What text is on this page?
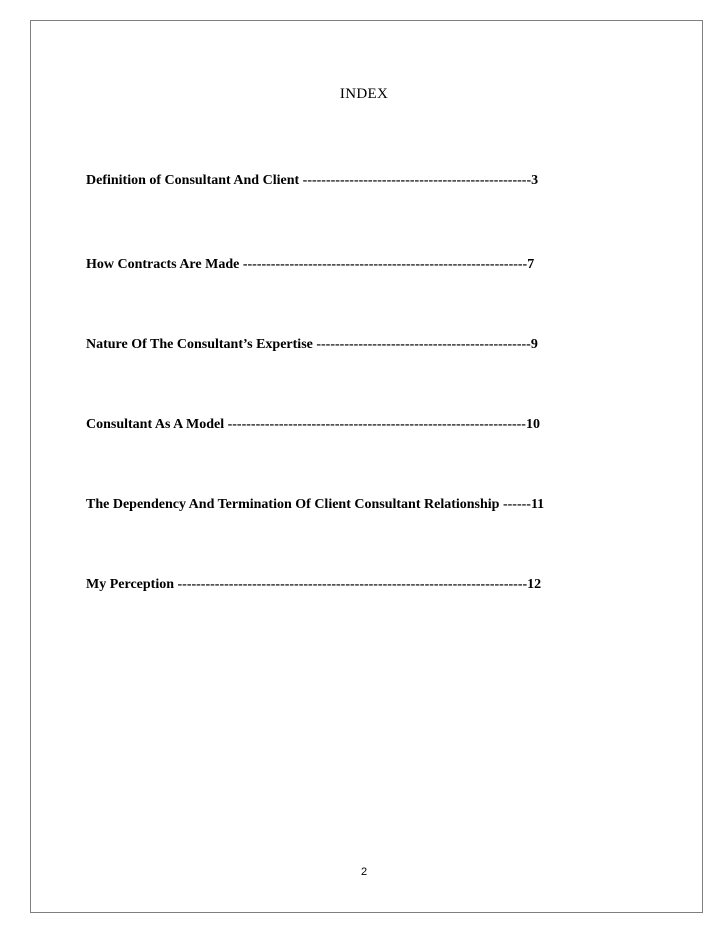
INDEX
Definition of Consultant And Client -------------------------------------------------3
How Contracts Are Made -------------------------------------------------------------7
Nature Of The Consultant’s Expertise ----------------------------------------------9
Consultant As A Model ----------------------------------------------------------------10
The Dependency And Termination Of Client Consultant Relationship ------11
My Perception ---------------------------------------------------------------------------12
2
